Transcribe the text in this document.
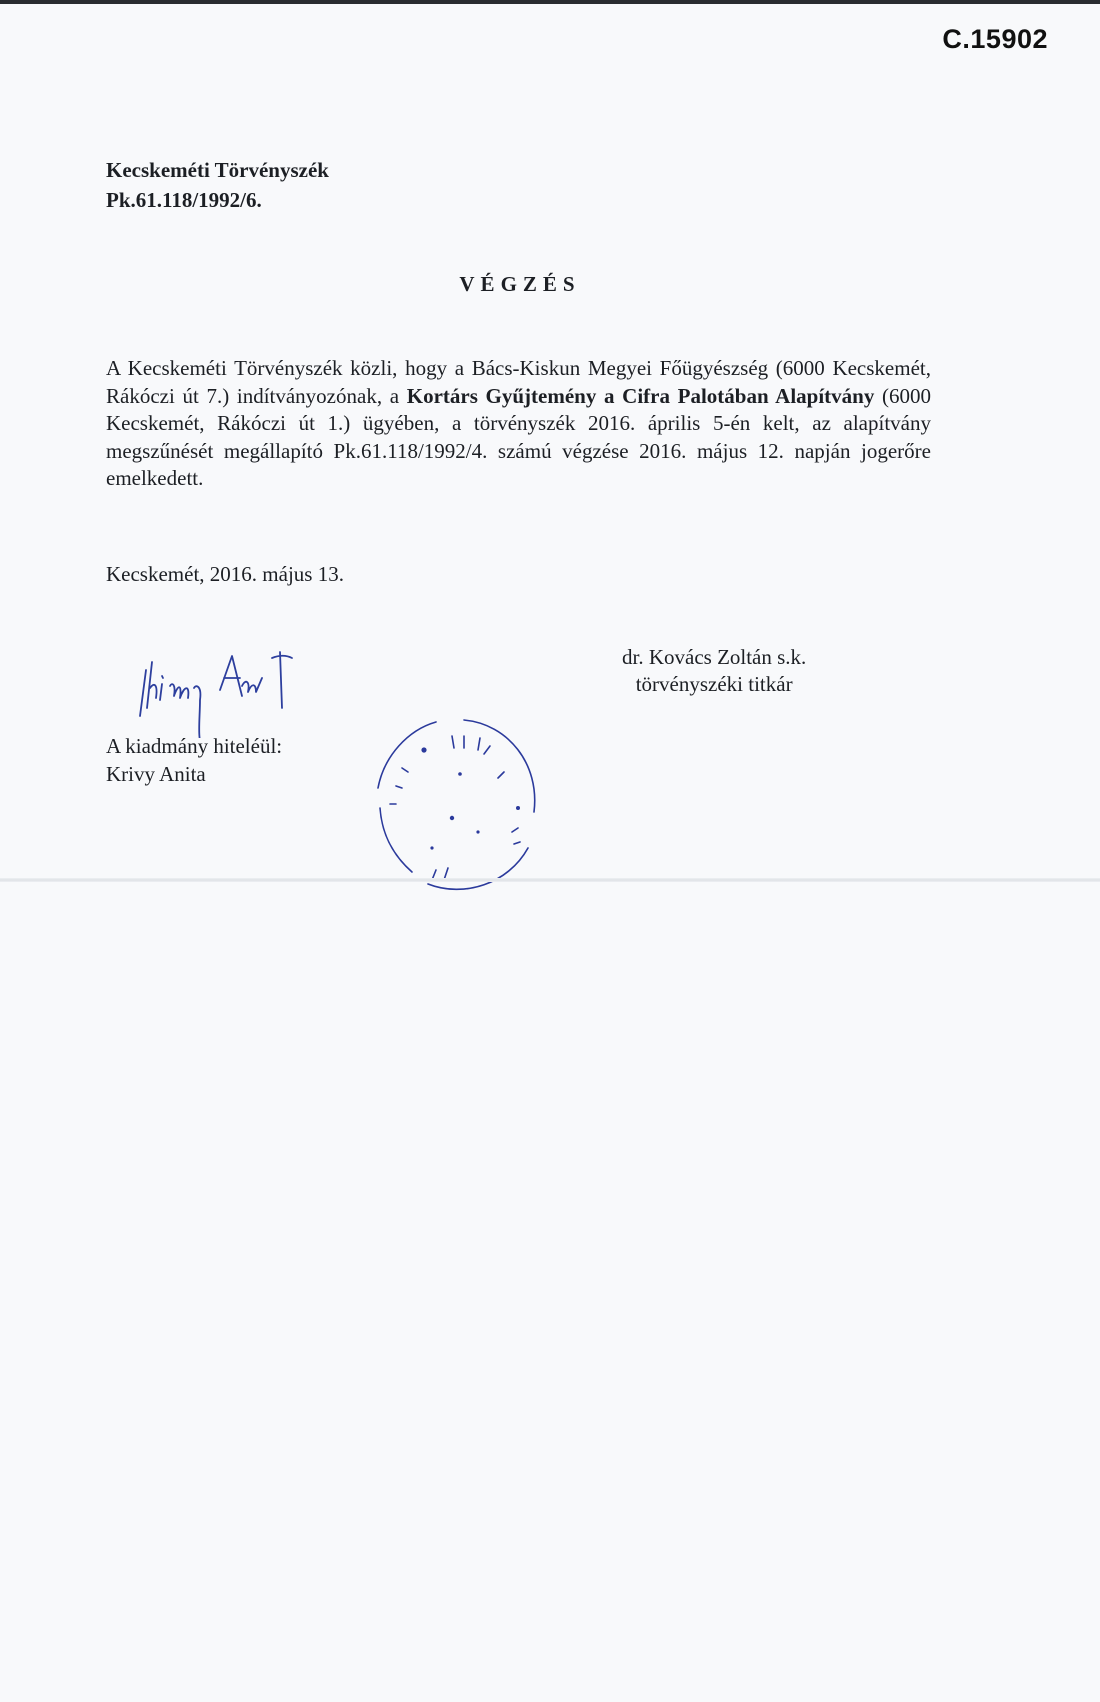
C.15902
Kecskeméti Törvényszék
Pk.61.118/1992/6.
VÉGZÉS
A Kecskeméti Törvényszék közli, hogy a Bács-Kiskun Megyei Főügyészség (6000 Kecskemét, Rákóczi út 7.) indítványozónak, a Kortárs Gyűjtemény a Cifra Palotában Alapítvány (6000 Kecskemét, Rákóczi út 1.) ügyében, a törvényszék 2016. április 5-én kelt, az alapítvány megszűnését megállapító Pk.61.118/1992/4. számú végzése 2016. május 12. napján jogerőre emelkedett.
Kecskemét, 2016. május 13.
dr. Kovács Zoltán s.k.
törvényszéki titkár
A kiadmány hiteléül:
Krivy Anita
